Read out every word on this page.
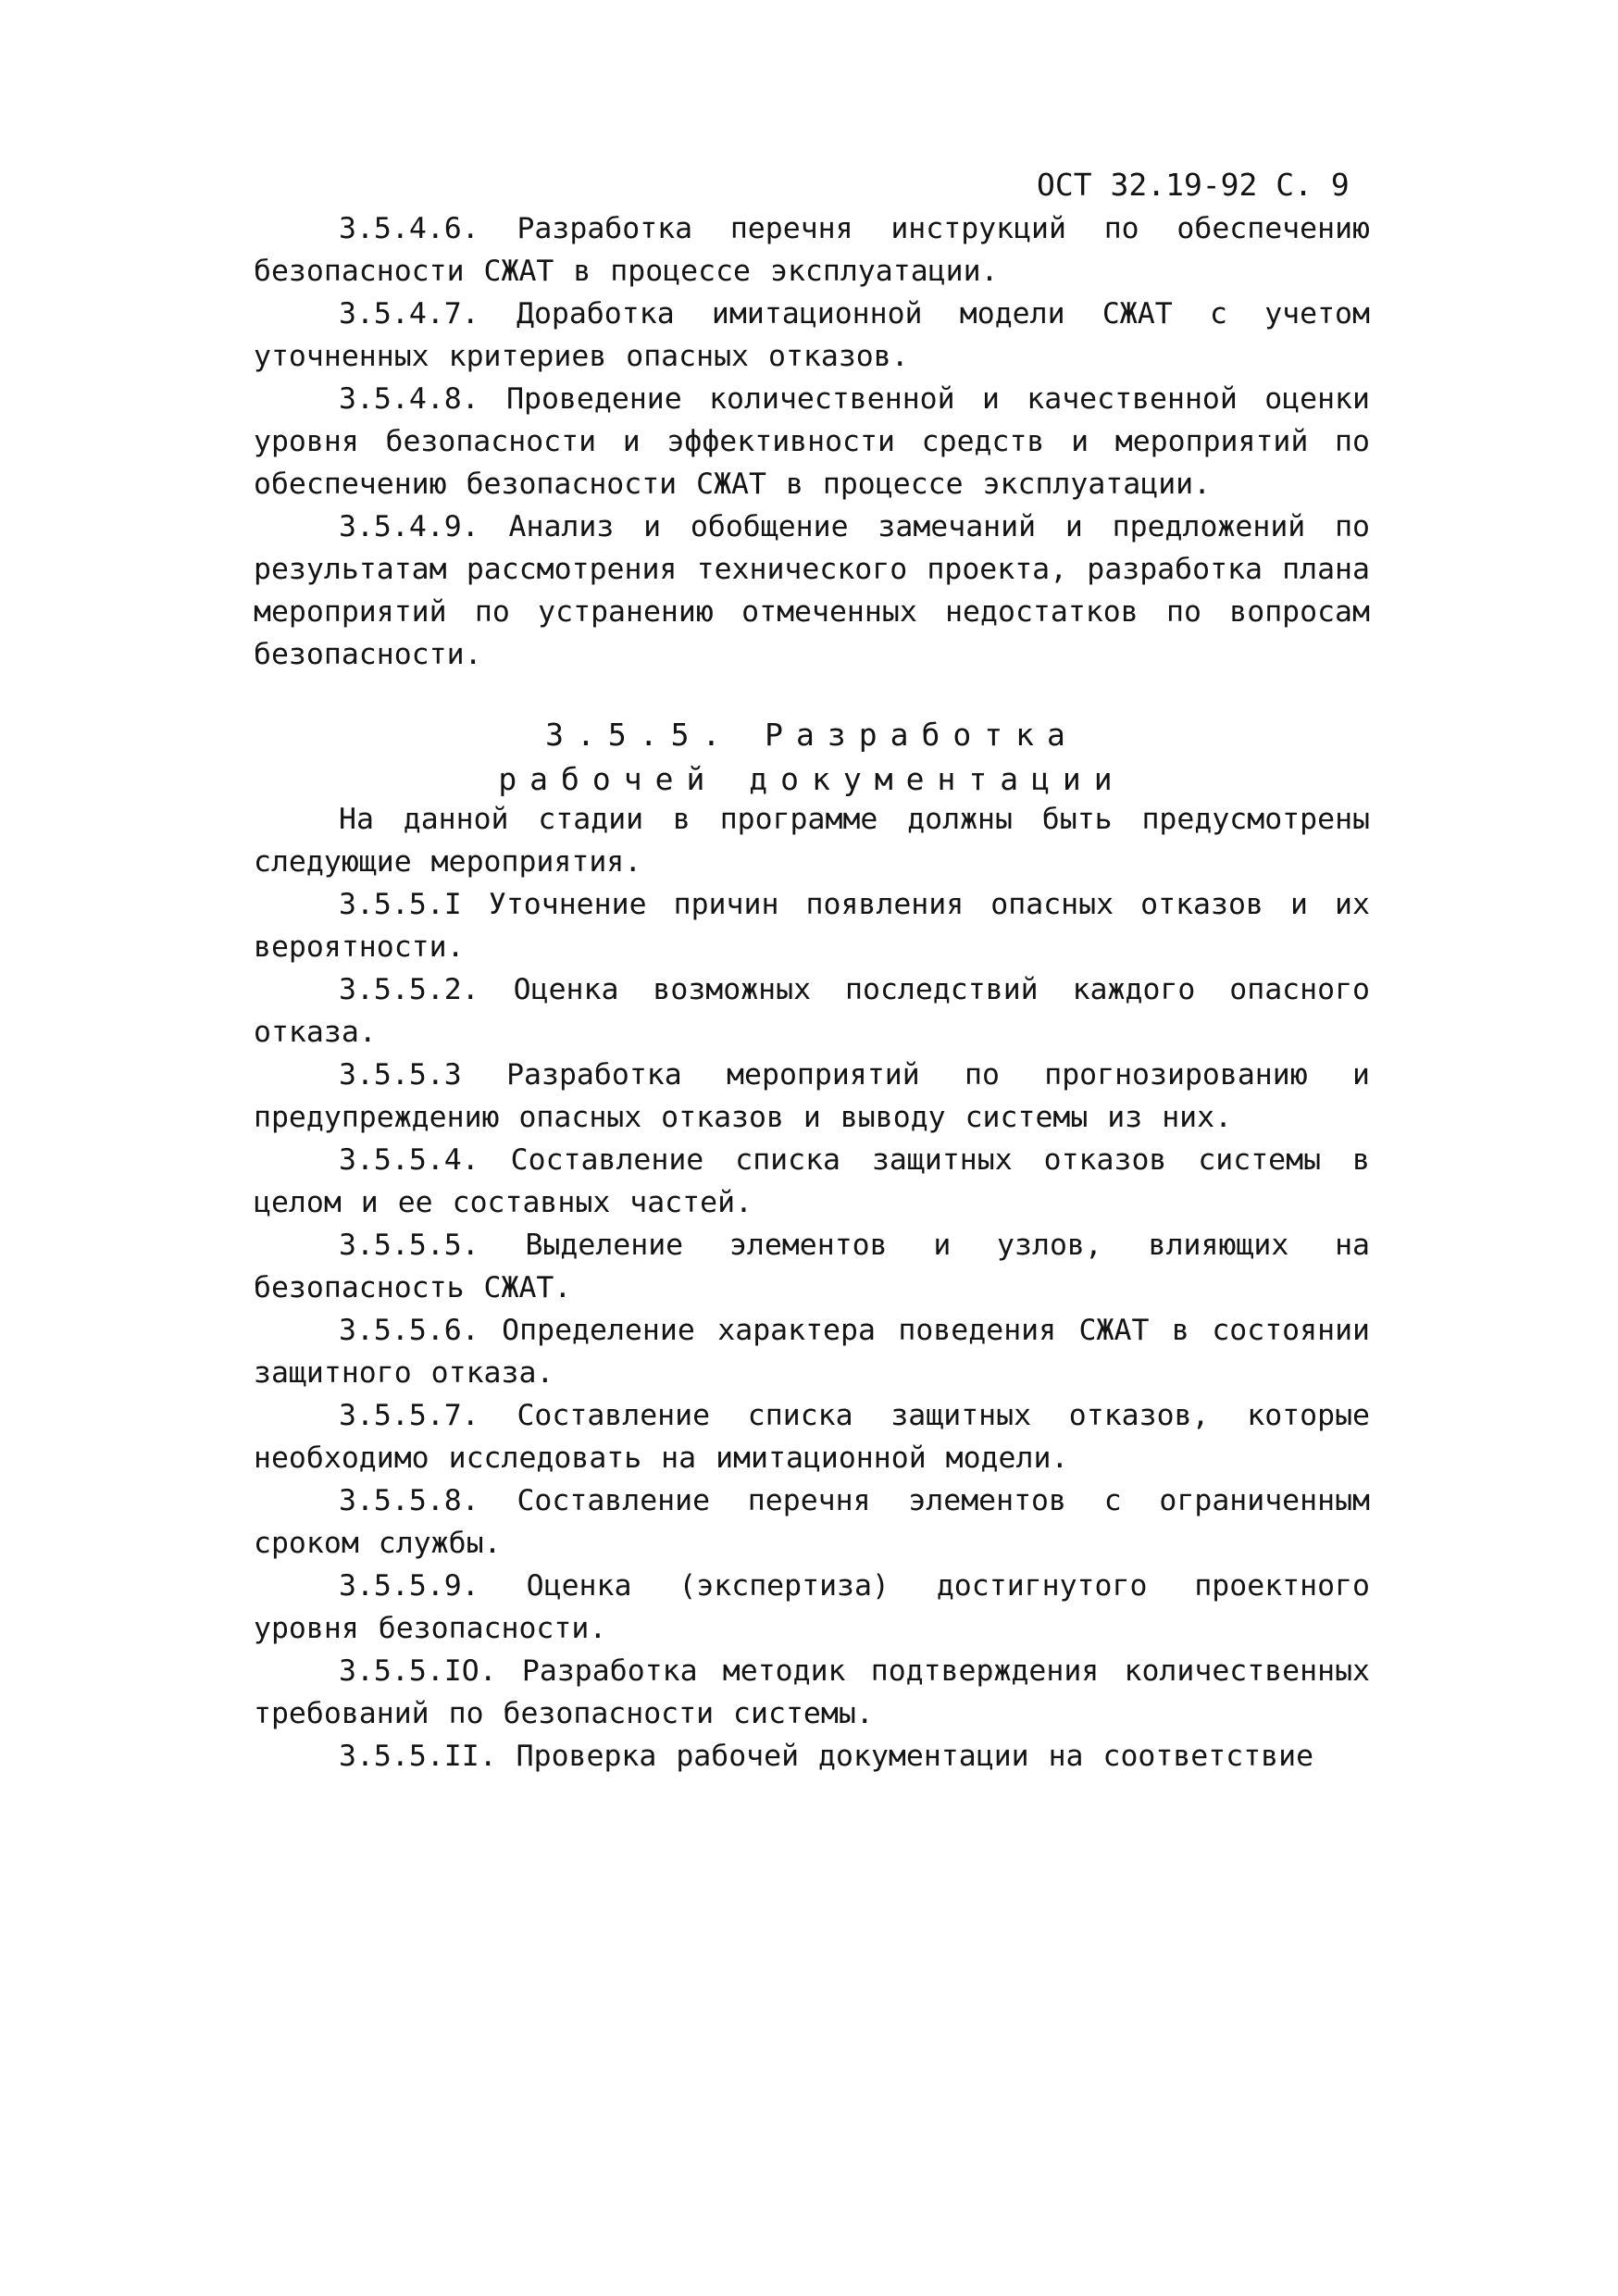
ОСТ 32.19-92 С. 9

3.5.4.6. Разработка перечня инструкций по обеспечению безопасности СЖАТ в процессе эксплуатации.

3.5.4.7. Доработка имитационной модели СЖАТ с учетом уточненных критериев опасных отказов.

3.5.4.8. Проведение количественной и качественной оценки уровня безопасности и эффективности средств и мероприятий по обеспечению безопасности СЖАТ в процессе эксплуатации.

3.5.4.9. Анализ и обобщение замечаний и предложений по результатам рассмотрения технического проекта, разработка плана мероприятий по устранению отмеченных недостатков по вопросам безопасности.

3.5.5. Разработка
рабочей документации

На данной стадии в программе должны быть предусмотрены следующие мероприятия.

3.5.5.I Уточнение причин появления опасных отказов и их вероятности.

3.5.5.2. Оценка возможных последствий каждого опасного отказа.

3.5.5.3 Разработка мероприятий по прогнозированию и предупреждению опасных отказов и выводу системы из них.

3.5.5.4. Составление списка защитных отказов системы в целом и ее составных частей.

3.5.5.5. Выделение элементов и узлов, влияющих на безопасность СЖАТ.

3.5.5.6. Определение характера поведения СЖАТ в состоянии защитного отказа.

3.5.5.7. Составление списка защитных отказов, которые необходимо исследовать на имитационной модели.

3.5.5.8. Составление перечня элементов с ограниченным сроком службы.

3.5.5.9. Оценка (экспертиза) достигнутого проектного уровня безопасности.

3.5.5.IO. Разработка методик подтверждения количественных требований по безопасности системы.

3.5.5.II. Проверка рабочей документации на соответствие
